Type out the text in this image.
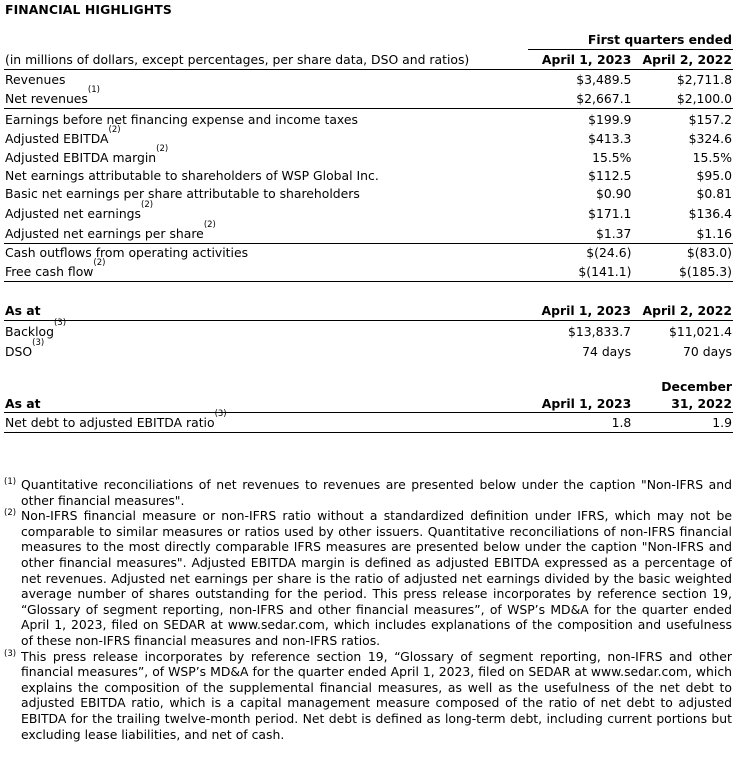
FINANCIAL HIGHLIGHTS
	First quarters ended	
(in millions of dollars, except percentages, per share data, DSO and ratios)	April 1, 2023	April 2, 2022
Revenues	$3,489.5	$2,711.8
Net revenues$^{(1)}$	$2,667.1	$2,100.0
Earnings before net financing expense and income taxes	$199.9	$157.2
Adjusted EBITDA$^{(2)}$	$413.3	$324.6
Adjusted EBITDA margin$^{(2)}$	15.5%	15.5%
Net earnings attributable to shareholders of WSP Global Inc.	$112.5	$95.0
Basic net earnings per share attributable to shareholders	$0.90	$0.81
Adjusted net earnings$^{(2)}$	$171.1	$136.4
Adjusted net earnings per share$^{(2)}$	$1.37	$1.16
Cash outflows from operating activities	$(24.6)	$(83.0)
Free cash flow$^{(2)}$	$(141.1)	$(185.3)
As at	April 1, 2023	April 2, 2022
Backlog$^{(3)}$	$13,833.7	$11,021.4
DSO$^{(3)}$	74 days	70 days
As at	April 1, 2023	December
31, 2022
Net debt to adjusted EBITDA ratio$^{(3)}$	1.8	1.9
(1) Quantitative reconciliations of net revenues to revenues are presented below under the caption "Non-IFRS and other financial measures".
(2) Non-IFRS financial measure or non-IFRS ratio without a standardized definition under IFRS, which may not be comparable to similar measures or ratios used by other issuers. Quantitative reconciliations of non-IFRS financial measures to the most directly comparable IFRS measures are presented below under the caption "Non-IFRS and other financial measures". Adjusted EBITDA margin is defined as adjusted EBITDA expressed as a percentage of net revenues. Adjusted net earnings per share is the ratio of adjusted net earnings divided by the basic weighted average number of shares outstanding for the period. This press release incorporates by reference section 19, “Glossary of segment reporting, non-IFRS and other financial measures”, of WSP’s MD&A for the quarter ended April 1, 2023, filed on SEDAR at www.sedar.com, which includes explanations of the composition and usefulness of these non-IFRS financial measures and non-IFRS ratios.
(3) This press release incorporates by reference section 19, “Glossary of segment reporting, non-IFRS and other financial measures”, of WSP’s MD&A for the quarter ended April 1, 2023, filed on SEDAR at www.sedar.com, which explains the composition of the supplemental financial measures, as well as the usefulness of the net debt to adjusted EBITDA ratio, which is a capital management measure composed of the ratio of net debt to adjusted EBITDA for the trailing twelve-month period. Net debt is defined as long-term debt, including current portions but excluding lease liabilities, and net of cash.
